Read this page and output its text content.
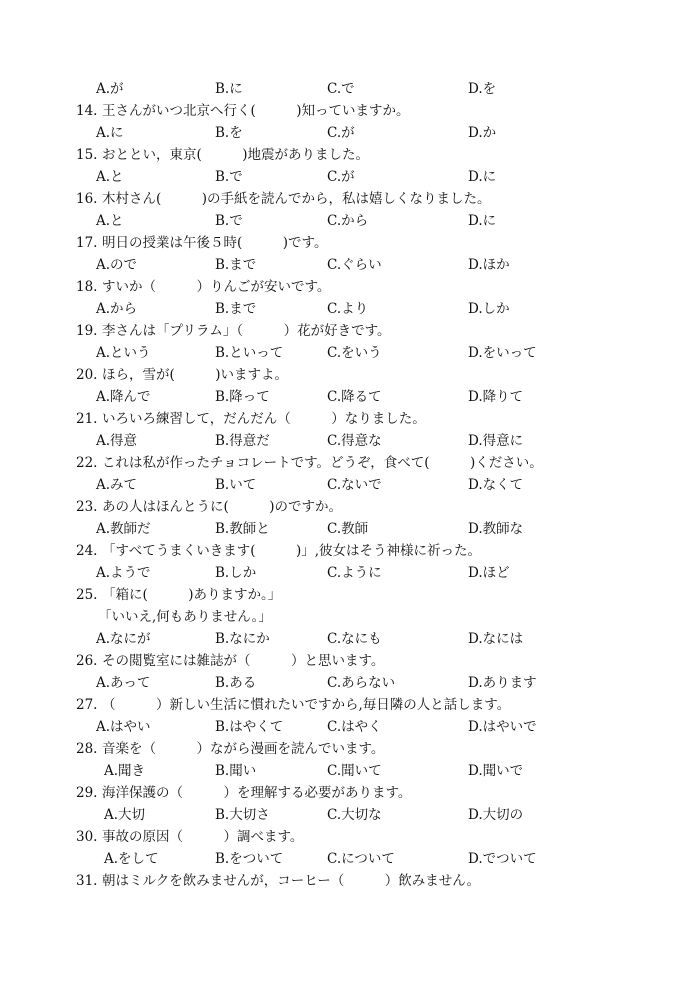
A.が	B.に	C.で	D.を
14. 王さんがいつ北京へ行く(　　　)知っていますか。
A.に	B.を	C.が	D.か
15. おととい，東京(　　　)地震がありました。
A.と	B.で	C.が	D.に
16. 木村さん(　　　)の手紙を読んでから，私は嬉しくなりました。
A.と	B.で	C.から	D.に
17. 明日の授業は午後５時(　　　)です。
A.ので	B.まで	C.ぐらい	D.ほか
18. すいか（　　　）りんごが安いです。
A.から	B.まで	C.より	D.しか
19. 李さんは「プリラム」（　　　）花が好きです。
A.という	B.といって	C.をいう	D.をいって
20. ほら，雪が(　　　)いますよ。
A.降んで	B.降って	C.降るて	D.降りて
21. いろいろ練習して，だんだん（　　　）なりました。
A.得意	B.得意だ	C.得意な	D.得意に
22. これは私が作ったチョコレートです。どうぞ，食べて(　　　)ください。
A.みて	B.いて	C.ないで	D.なくて
23. あの人はほんとうに(　　　)のですか。
A.教師だ	B.教師と	C.教師	D.教師な
24. 「すべてうまくいきます(　　　)」,彼女はそう神様に祈った。
A.ようで	B.しか	C.ように	D.ほど
25. 「箱に(　　　)ありますか。」
「いいえ,何もありません。」
A.なにが	B.なにか	C.なにも	D.なには
26. その閲覧室には雑誌が（　　　）と思います。
A.あって	B.ある	C.あらない	D.あります
27. （　　　）新しい生活に慣れたいですから,毎日隣の人と話します。
A.はやい	B.はやくて	C.はやく	D.はやいで
28. 音楽を（　　　）ながら漫画を読んでいます。
A.聞き	B.聞い	C.聞いて	D.聞いで
29. 海洋保護の（　　　）を理解する必要があります。
A.大切	B.大切さ	C.大切な	D.大切の
30. 事故の原因（　　　）調べます。
A.をして	B.をついて	C.について	D.でついて
31. 朝はミルクを飲みませんが，コーヒー（　　　）飲みません。
